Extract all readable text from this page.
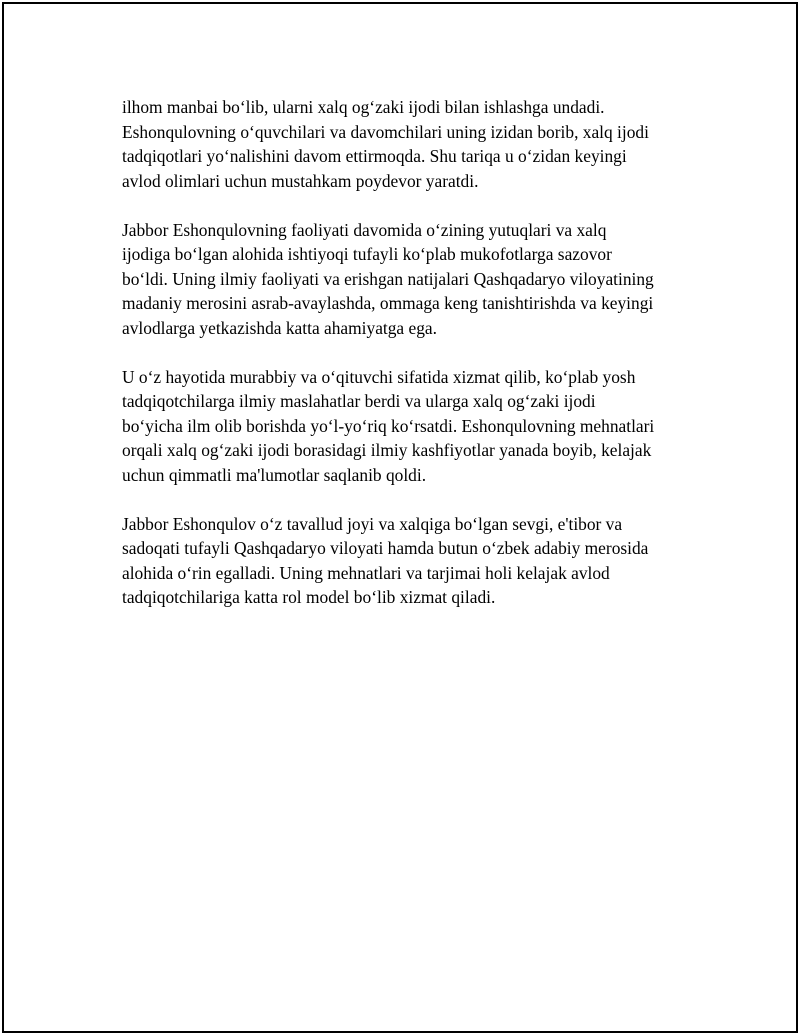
ilhom manbai bo‘lib, ularni xalq og‘zaki ijodi bilan ishlashga undadi.
Eshonqulovning o‘quvchilari va davomchilari uning izidan borib, xalq ijodi
tadqiqotlari yo‘nalishini davom ettirmoqda. Shu tariqa u o‘zidan keyingi
avlod olimlari uchun mustahkam poydevor yaratdi.

Jabbor Eshonqulovning faoliyati davomida o‘zining yutuqlari va xalq
ijodiga bo‘lgan alohida ishtiyoqi tufayli ko‘plab mukofotlarga sazovor
bo‘ldi. Uning ilmiy faoliyati va erishgan natijalari Qashqadaryo viloyatining
madaniy merosini asrab-avaylashda, ommaga keng tanishtirishda va keyingi
avlodlarga yetkazishda katta ahamiyatga ega.

U o‘z hayotida murabbiy va o‘qituvchi sifatida xizmat qilib, ko‘plab yosh
tadqiqotchilarga ilmiy maslahatlar berdi va ularga xalq og‘zaki ijodi
bo‘yicha ilm olib borishda yo‘l-yo‘riq ko‘rsatdi. Eshonqulovning mehnatlari
orqali xalq og‘zaki ijodi borasidagi ilmiy kashfiyotlar yanada boyib, kelajak
uchun qimmatli ma'lumotlar saqlanib qoldi.

Jabbor Eshonqulov o‘z tavallud joyi va xalqiga bo‘lgan sevgi, e'tibor va
sadoqati tufayli Qashqadaryo viloyati hamda butun o‘zbek adabiy merosida
alohida o‘rin egalladi. Uning mehnatlari va tarjimai holi kelajak avlod
tadqiqotchilariga katta rol model bo‘lib xizmat qiladi.
